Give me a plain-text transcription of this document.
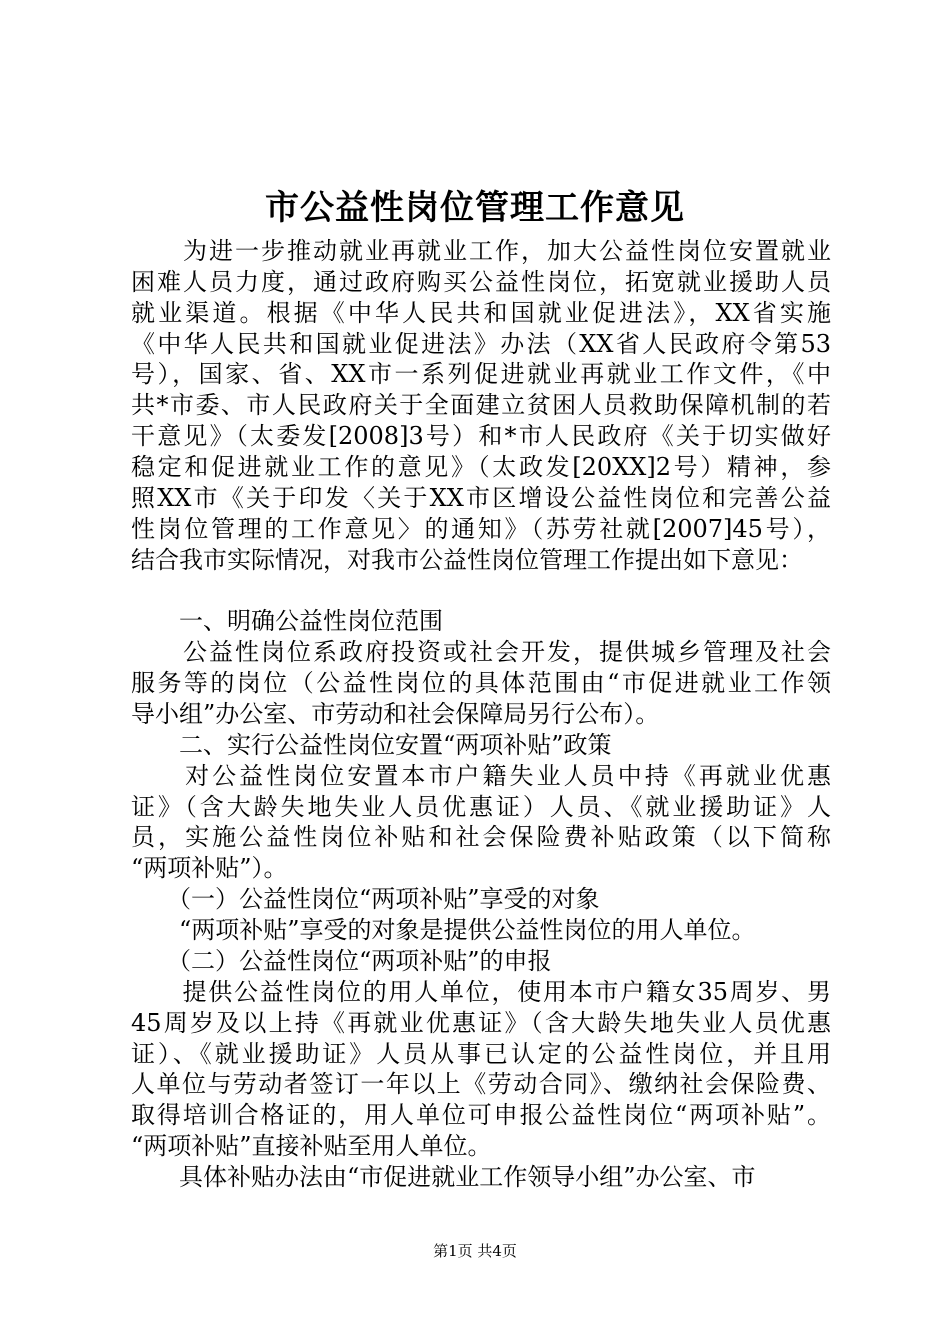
市公益性岗位管理工作意见
　　为进一步推动就业再就业工作，加大公益性岗位安置就业
困难人员力度，通过政府购买公益性岗位，拓宽就业援助人员
就业渠道。根据《中华人民共和国就业促进法》，XX省实施
《中华人民共和国就业促进法》办法（XX省人民政府令第53
号），国家、省、XX市一系列促进就业再就业工作文件，《中
共*市委、市人民政府关于全面建立贫困人员救助保障机制的若
干意见》（太委发[2008]3号）和*市人民政府《关于切实做好
稳定和促进就业工作的意见》（太政发[20XX]2号）精神，参
照XX市《关于印发〈关于XX市区增设公益性岗位和完善公益
性岗位管理的工作意见〉的通知》（苏劳社就[2007]45号），
结合我市实际情况，对我市公益性岗位管理工作提出如下意见：
　　一、明确公益性岗位范围
　　公益性岗位系政府投资或社会开发，提供城乡管理及社会
服务等的岗位（公益性岗位的具体范围由“市促进就业工作领
导小组”办公室、市劳动和社会保障局另行公布）。
　　二、实行公益性岗位安置“两项补贴”政策
　　对公益性岗位安置本市户籍失业人员中持《再就业优惠
证》（含大龄失地失业人员优惠证）人员、《就业援助证》人
员，实施公益性岗位补贴和社会保险费补贴政策（以下简称
“两项补贴”）。
　　（一）公益性岗位“两项补贴”享受的对象
　　“两项补贴”享受的对象是提供公益性岗位的用人单位。
　　（二）公益性岗位“两项补贴”的申报
　　提供公益性岗位的用人单位，使用本市户籍女35周岁、男
45周岁及以上持《再就业优惠证》（含大龄失地失业人员优惠
证）、《就业援助证》人员从事已认定的公益性岗位，并且用
人单位与劳动者签订一年以上《劳动合同》、缴纳社会保险费、
取得培训合格证的，用人单位可申报公益性岗位“两项补贴”。
“两项补贴”直接补贴至用人单位。
　　具体补贴办法由“市促进就业工作领导小组”办公室、市
第1页 共4页
